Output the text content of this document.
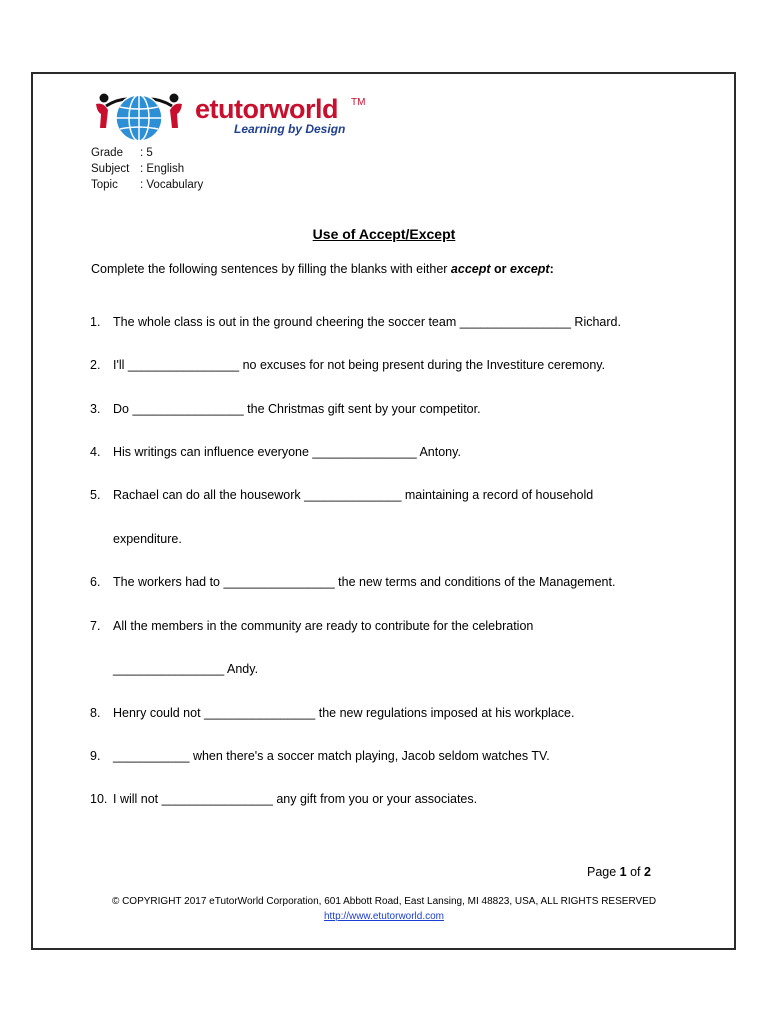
etutorworld TM
Learning by Design
Grade : 5
Subject : English
Topic : Vocabulary
Use of Accept/Except
Complete the following sentences by filling the blanks with either accept or except:
1. The whole class is out in the ground cheering the soccer team ________________ Richard.
2. I'll ________________ no excuses for not being present during the Investiture ceremony.
3. Do ________________ the Christmas gift sent by your competitor.
4. His writings can influence everyone _______________ Antony.
5. Rachael can do all the housework ______________ maintaining a record of household
expenditure.
6. The workers had to ________________ the new terms and conditions of the Management.
7. All the members in the community are ready to contribute for the celebration
________________ Andy.
8. Henry could not ________________ the new regulations imposed at his workplace.
9. ___________ when there's a soccer match playing, Jacob seldom watches TV.
10. I will not ________________ any gift from you or your associates.
Page 1 of 2
© COPYRIGHT 2017 eTutorWorld Corporation, 601 Abbott Road, East Lansing, MI 48823, USA, ALL RIGHTS RESERVED
http://www.etutorworld.com
